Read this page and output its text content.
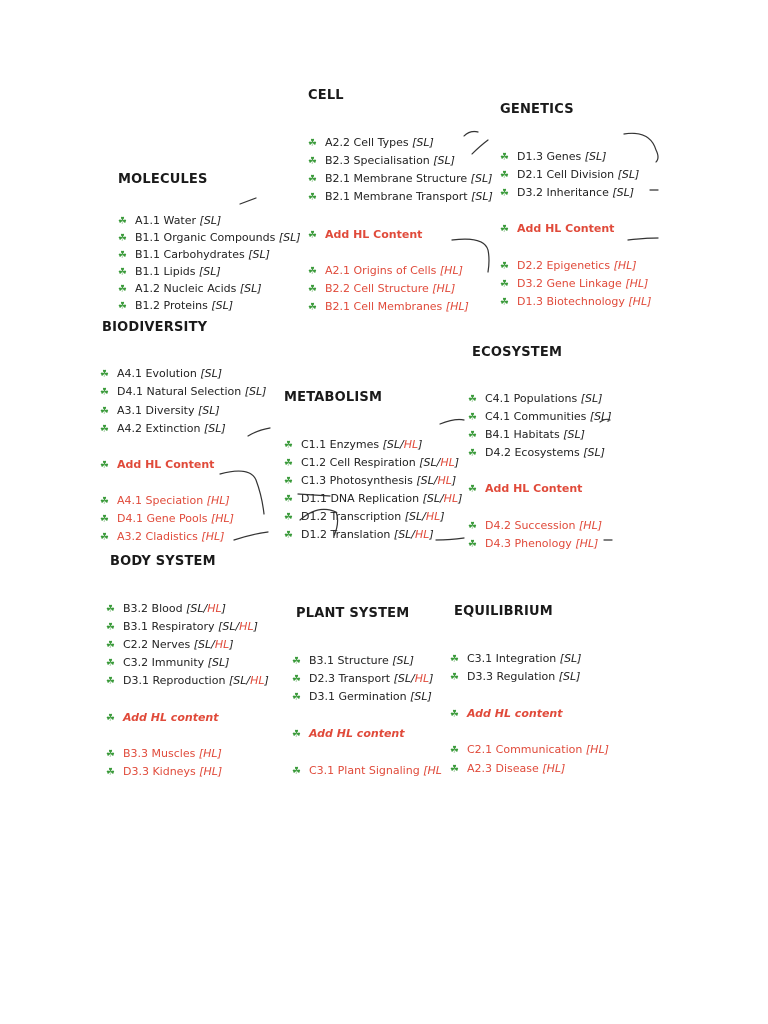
CELL
GENETICS
MOLECULES
BIODIVERSITY
ECOSYSTEM
METABOLISM
BODY SYSTEM
PLANT SYSTEM	EQUILIBRIUM
☘ A2.2 Cell Types [SL]
☘ B2.3 Specialisation [SL]
☘ B2.1 Membrane Structure [SL]
☘ B2.1 Membrane Transport [SL]
☘ Add HL Content
☘ A2.1 Origins of Cells [HL]
☘ B2.2 Cell Structure [HL]
☘ B2.1 Cell Membranes [HL]
☘ D1.3 Genes [SL]
☘ D2.1 Cell Division [SL]
☘ D3.2 Inheritance [SL]
☘ Add HL Content
☘ D2.2 Epigenetics [HL]
☘ D3.2 Gene Linkage [HL]
☘ D1.3 Biotechnology [HL]
☘ A1.1 Water [SL]
☘ B1.1 Organic Compounds [SL]
☘ B1.1 Carbohydrates [SL]
☘ B1.1 Lipids [SL]
☘ A1.2 Nucleic Acids [SL]
☘ B1.2 Proteins [SL]
☘ A4.1 Evolution [SL]
☘ D4.1 Natural Selection [SL]
☘ A3.1 Diversity [SL]
☘ A4.2 Extinction [SL]
☘ Add HL Content
☘ A4.1 Speciation [HL]
☘ D4.1 Gene Pools [HL]
☘ A3.2 Cladistics [HL]
☘ C1.1 Enzymes [SL/HL]
☘ C1.2 Cell Respiration [SL/HL]
☘ C1.3 Photosynthesis [SL/HL]
☘ D1.1 DNA Replication [SL/HL]
☘ D1.2 Transcription [SL/HL]
☘ D1.2 Translation [SL/HL]
☘ C4.1 Populations [SL]
☘ C4.1 Communities [SL]
☘ B4.1 Habitats [SL]
☘ D4.2 Ecosystems [SL]
☘ Add HL Content
☘ D4.2 Succession [HL]
☘ D4.3 Phenology [HL]
☘ B3.2 Blood [SL/HL]
☘ B3.1 Respiratory [SL/HL]
☘ C2.2 Nerves [SL/HL]
☘ C3.2 Immunity [SL]
☘ D3.1 Reproduction [SL/HL]
☘ Add HL content
☘ B3.3 Muscles [HL]
☘ D3.3 Kidneys [HL]
☘ B3.1 Structure [SL]
☘ D2.3 Transport [SL/HL]
☘ D3.1 Germination [SL]
☘ Add HL content
☘ C3.1 Plant Signaling [HL
☘ C3.1 Integration [SL]
☘ D3.3 Regulation [SL]
☘ Add HL content
☘ C2.1 Communication [HL]
☘ A2.3 Disease [HL]
